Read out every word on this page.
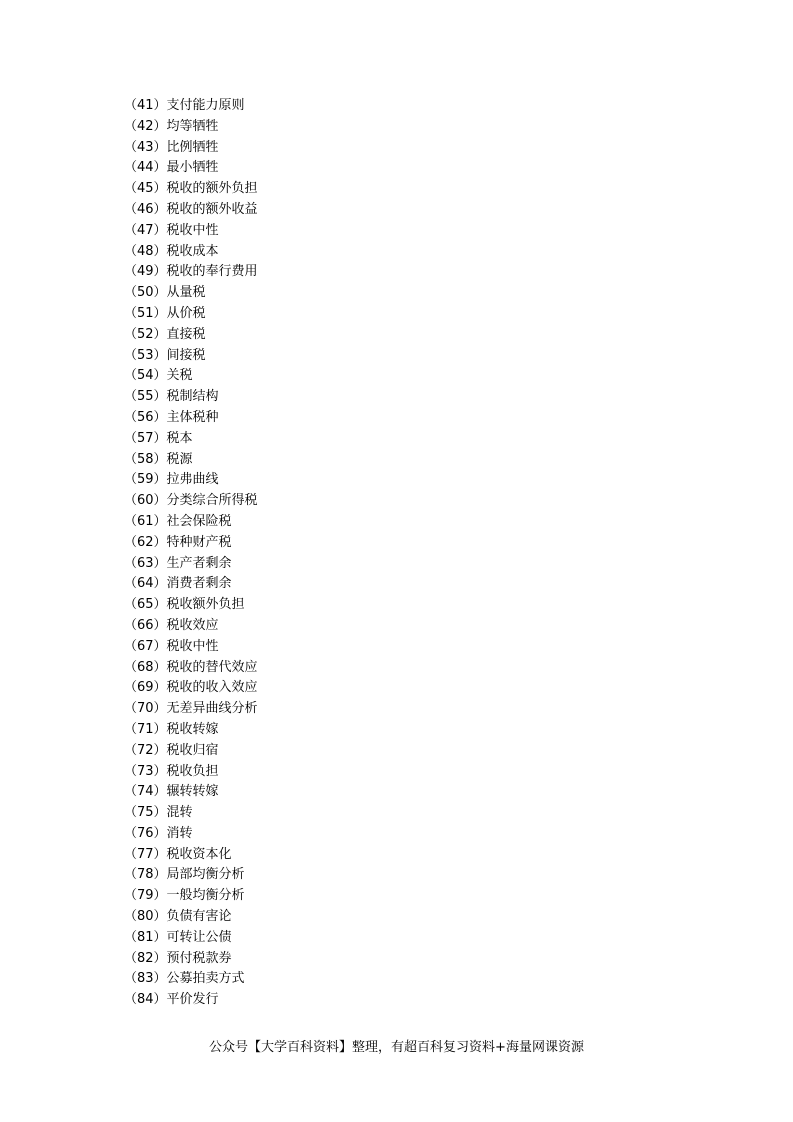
（41）支付能力原则
（42）均等牺牲
（43）比例牺牲
（44）最小牺牲
（45）税收的额外负担
（46）税收的额外收益
（47）税收中性
（48）税收成本
（49）税收的奉行费用
（50）从量税
（51）从价税
（52）直接税
（53）间接税
（54）关税
（55）税制结构
（56）主体税种
（57）税本
（58）税源
（59）拉弗曲线
（60）分类综合所得税
（61）社会保险税
（62）特种财产税
（63）生产者剩余
（64）消费者剩余
（65）税收额外负担
（66）税收效应
（67）税收中性
（68）税收的替代效应
（69）税收的收入效应
（70）无差异曲线分析
（71）税收转嫁
（72）税收归宿
（73）税收负担
（74）辗转转嫁
（75）混转
（76）消转
（77）税收资本化
（78）局部均衡分析
（79）一般均衡分析
（80）负债有害论
（81）可转让公债
（82）预付税款券
（83）公募拍卖方式
（84）平价发行
公众号【大学百科资料】整理，有超百科复习资料+海量网课资源
